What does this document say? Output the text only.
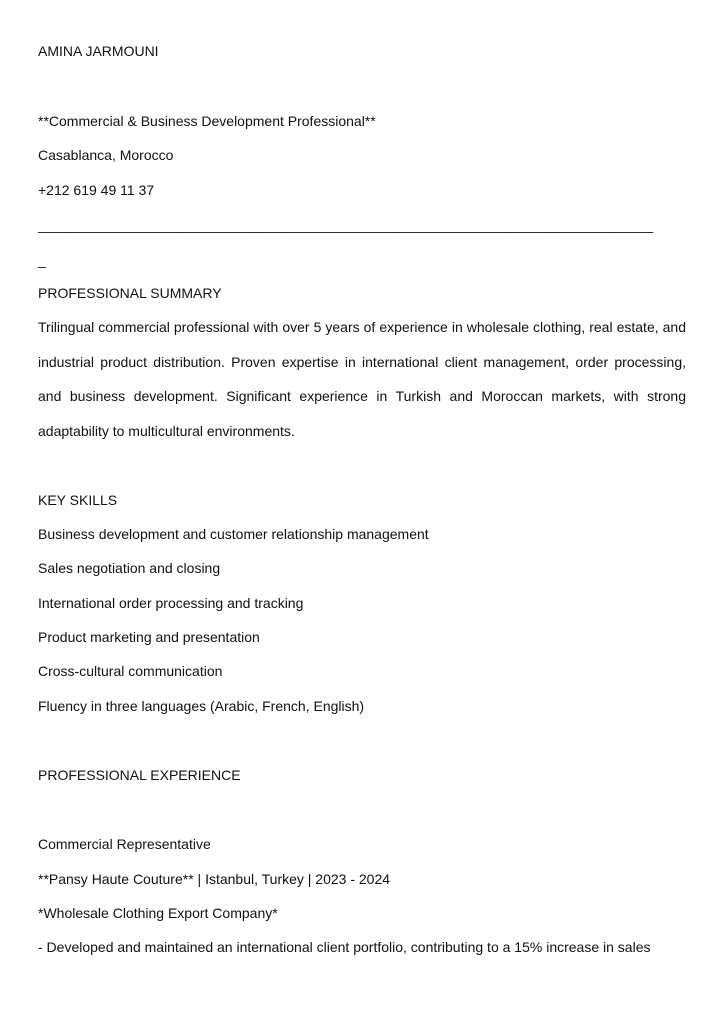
AMINA JARMOUNI
**Commercial & Business Development Professional**
Casablanca, Morocco
+212 619 49 11 37
_______________________________________________________________________________
_
PROFESSIONAL SUMMARY
Trilingual commercial professional with over 5 years of experience in wholesale clothing, real estate, and industrial product distribution. Proven expertise in international client management, order processing, and business development. Significant experience in Turkish and Moroccan markets, with strong adaptability to multicultural environments.
KEY SKILLS
Business development and customer relationship management
Sales negotiation and closing
International order processing and tracking
Product marketing and presentation
Cross-cultural communication
Fluency in three languages (Arabic, French, English)
PROFESSIONAL EXPERIENCE
Commercial Representative
**Pansy Haute Couture** | Istanbul, Turkey | 2023 - 2024
*Wholesale Clothing Export Company*
- Developed and maintained an international client portfolio, contributing to a 15% increase in sales
